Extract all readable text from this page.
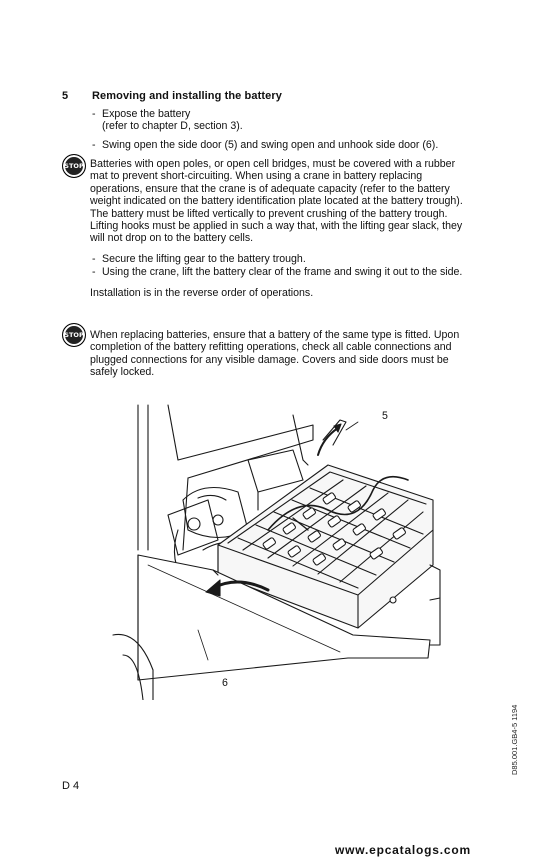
5 Removing and installing the battery
- Expose the battery
(refer to chapter D, section 3).
- Swing open the side door (5) and swing open and unhook side door (6).
STOP Batteries with open poles, or open cell bridges, must be covered with a rubber
mat to prevent short-circuiting. When using a crane in battery replacing
operations, ensure that the crane is of adequate capacity (refer to the battery
weight indicated on the battery identification plate located at the battery trough).
The battery must be lifted vertically to prevent crushing of the battery trough.
Lifting hooks must be applied in such a way that, with the lifting gear slack, they
will not drop on to the battery cells.
- Secure the lifting gear to the battery trough.
- Using the crane, lift the battery clear of the frame and swing it out to the side.
Installation is in the reverse order of operations.
STOP When replacing batteries, ensure that a battery of the same type is fitted. Upon
completion of the battery refitting operations, check all cable connections and
plugged connections for any visible damage. Covers and side doors must be
safely locked.
5
6
D85.001.GB4-5 1194
D 4
www.epcatalogs.com
